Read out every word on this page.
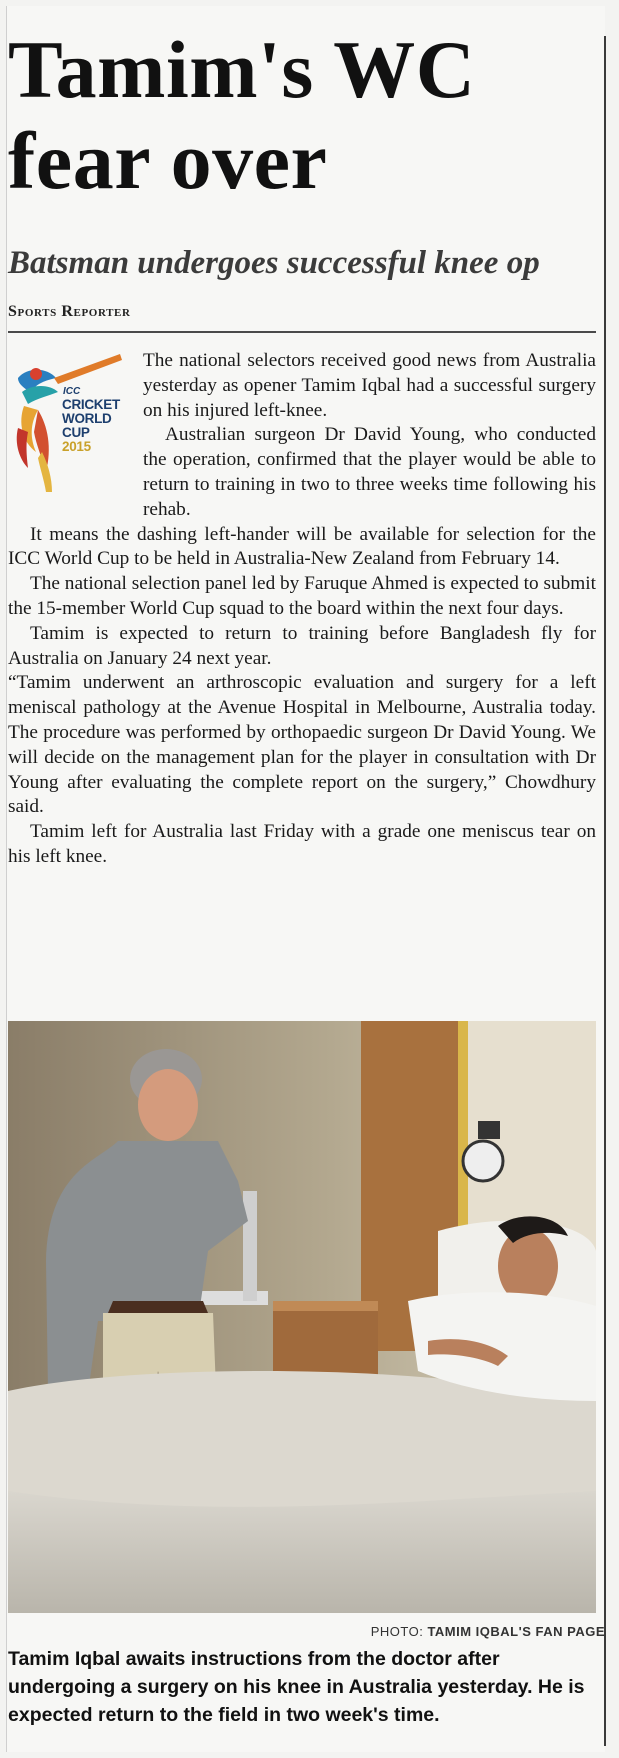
Tamim's WC fear over
Batsman undergoes successful knee op
Sports Reporter
ICC
CRICKET
WORLD
CUP
2015

The national selectors received good news from Australia yesterday as opener Tamim Iqbal had a successful surgery on his injured left-knee.

Australian surgeon Dr David Young, who conducted the operation, confirmed that the player would be able to return to training in two to three weeks time following his rehab.

It means the dashing left-hander will be available for selection for the ICC World Cup to be held in Australia-New Zealand from February 14.

The national selection panel led by Faruque Ahmed is expected to submit the 15-member World Cup squad to the board within the next four days.

Tamim is expected to return to training before Bangladesh fly for Australia on January 24 next year.

“Tamim underwent an arthroscopic evaluation and surgery for a left meniscal pathology at the Avenue Hospital in Melbourne, Australia today. The procedure was performed by orthopaedic surgeon Dr David Young. We will decide on the management plan for the player in consultation with Dr Young after evaluating the complete report on the surgery,” Chowdhury said.

Tamim left for Australia last Friday with a grade one meniscus tear on his left knee.

PHOTO: TAMIM IQBAL'S FAN PAGE
Tamim Iqbal awaits instructions from the doctor after undergoing a surgery on his knee in Australia yesterday. He is expected return to the field in two week's time.
